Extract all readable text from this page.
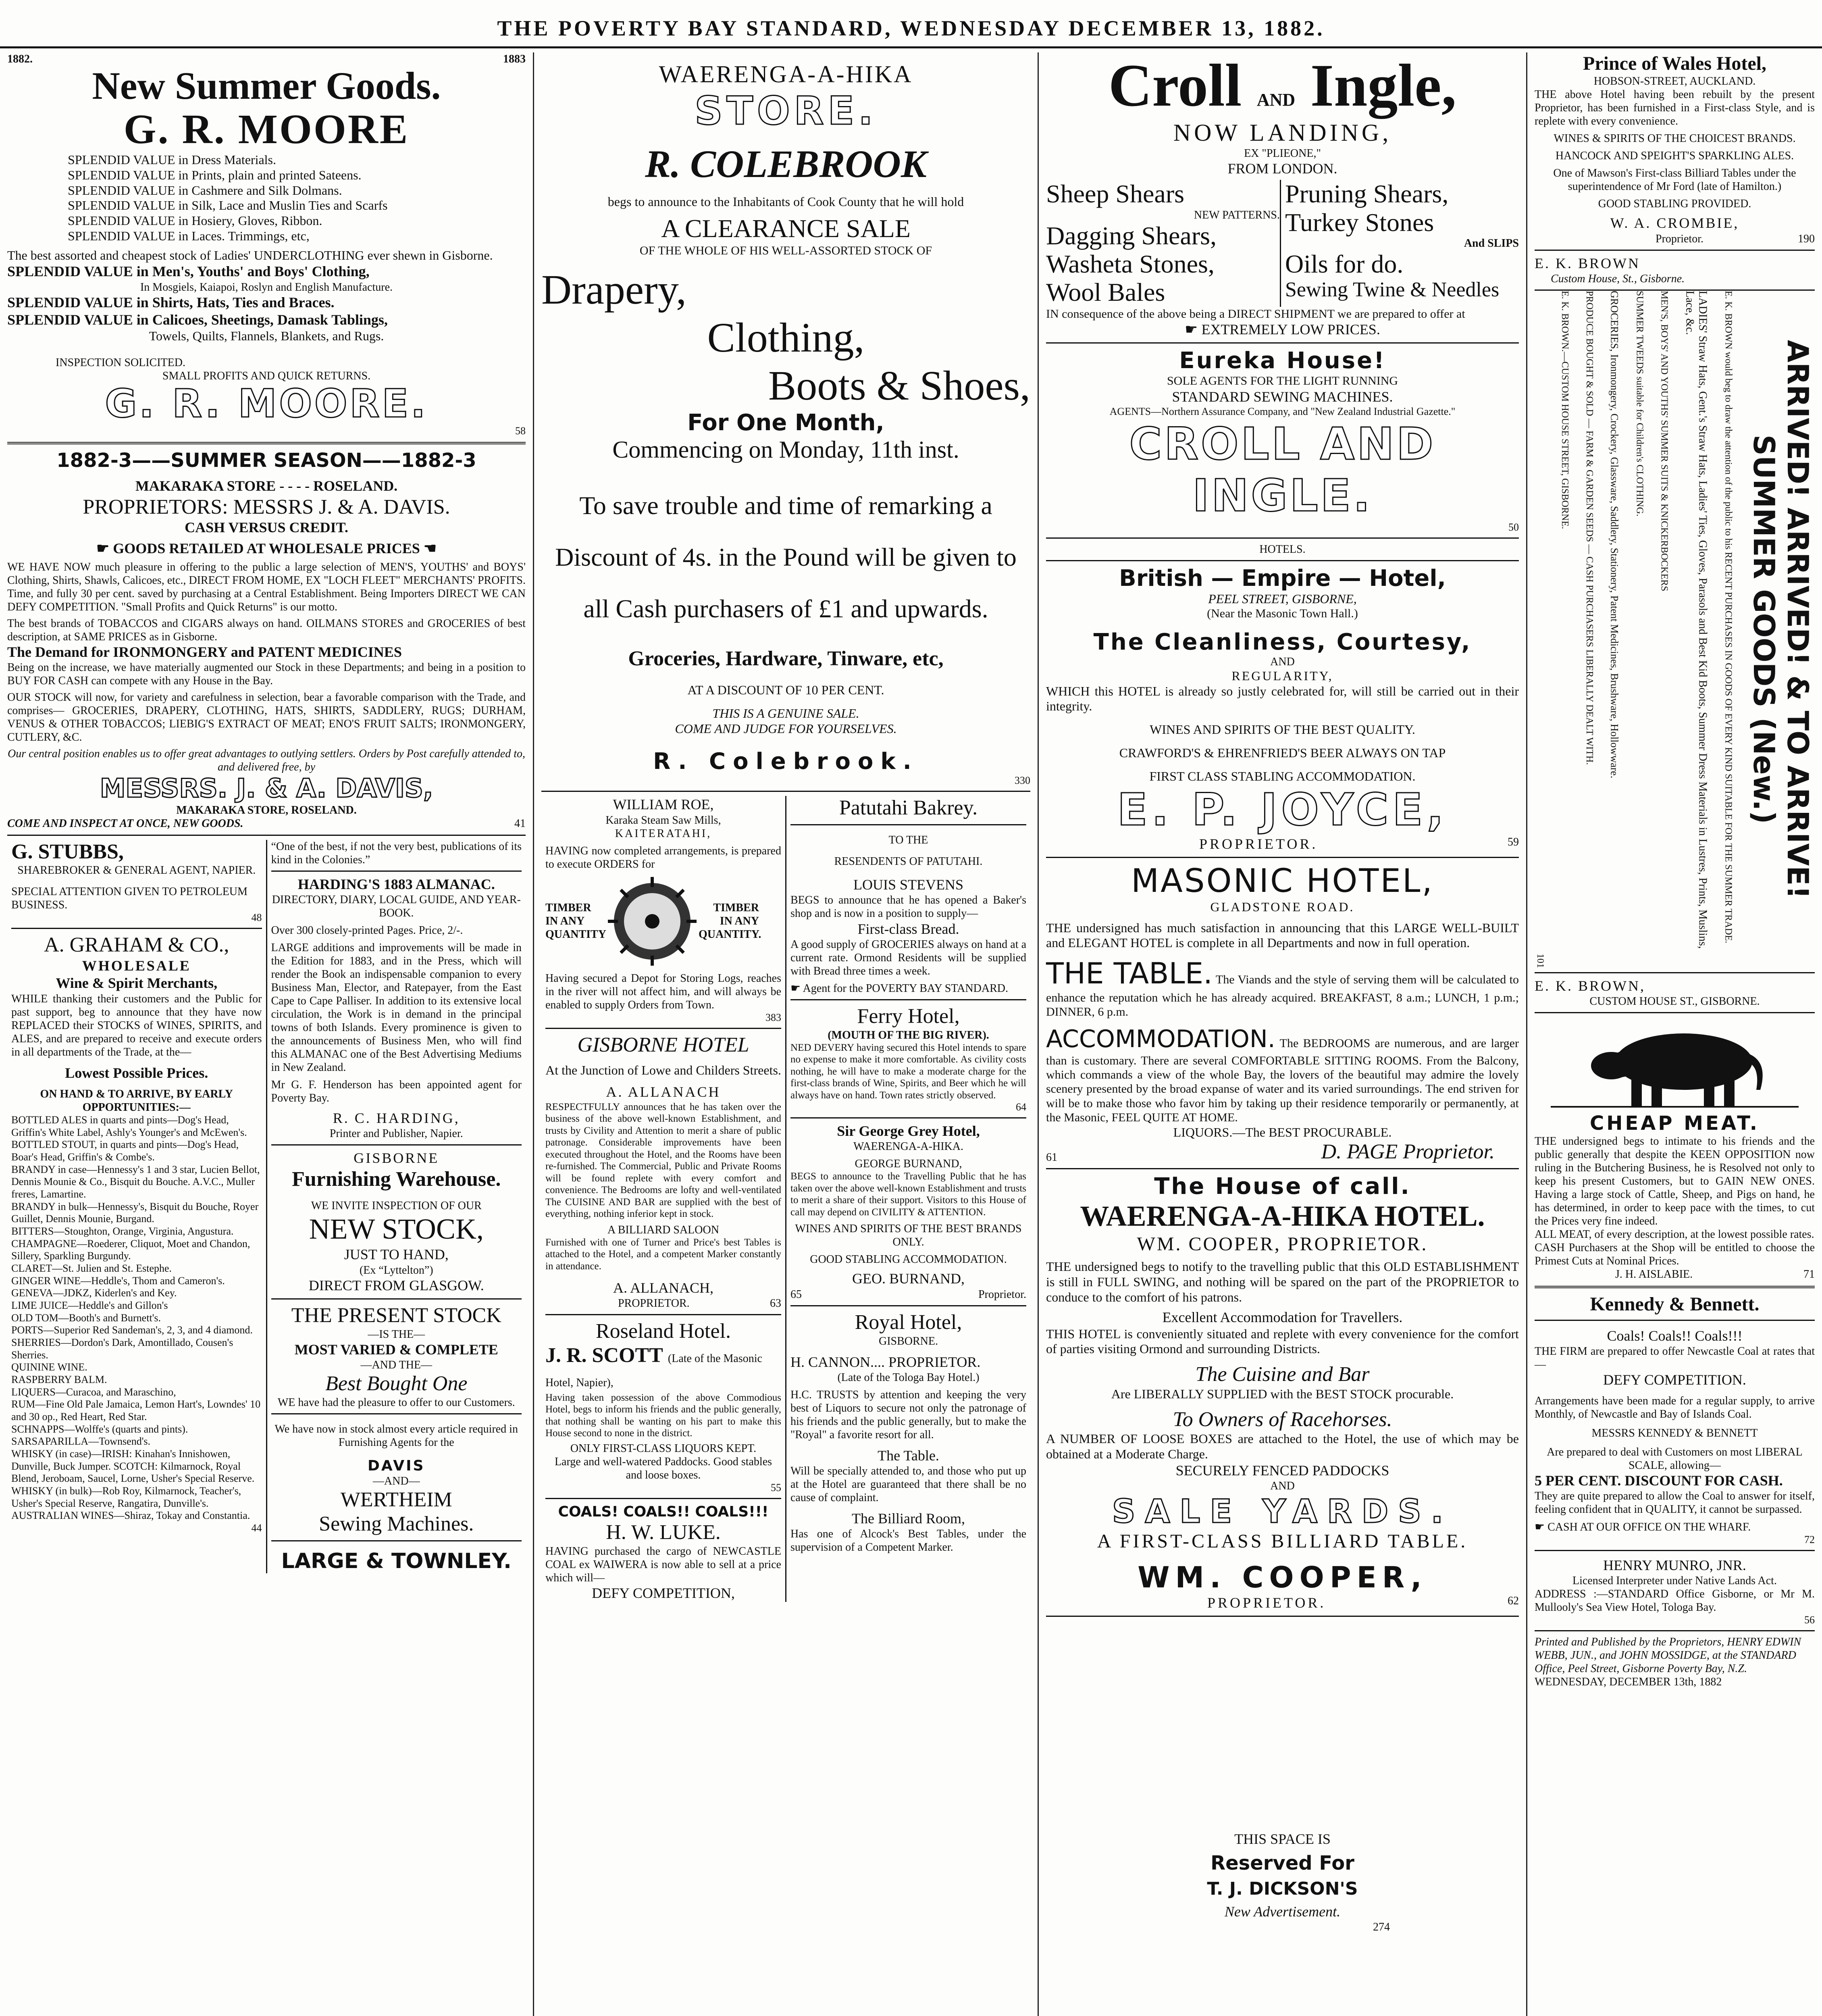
THE POVERTY BAY STANDARD, WEDNESDAY DECEMBER 13, 1882.
1882.	1883

New Summer Goods.

G. R. MOORE

SPLENDID VALUE in Dress Materials.

SPLENDID VALUE in Prints, plain and printed Sateens.

SPLENDID VALUE in Cashmere and Silk Dolmans.

SPLENDID VALUE in Silk, Lace and Muslin Ties and Scarfs

SPLENDID VALUE in Hosiery, Gloves, Ribbon.

SPLENDID VALUE in Laces. Trimmings, etc,

The best assorted and cheapest stock of Ladies' UNDERCLOTHING ever shewn in Gisborne.

SPLENDID VALUE in Men's, Youths' and Boys' Clothing,

In Mosgiels, Kaiapoi, Roslyn and English Manufacture.

SPLENDID VALUE in Shirts, Hats, Ties and Braces.

SPLENDID VALUE in Calicoes, Sheetings, Damask Tablings,

Towels, Quilts, Flannels, Blankets, and Rugs.

INSPECTION SOLICITED.

SMALL PROFITS AND QUICK RETURNS.

G. R. MOORE.

58

1882-3——SUMMER SEASON——1882-3

MAKARAKA STORE - - - - ROSELAND.

PROPRIETORS: MESSRS J. & A. DAVIS.

CASH VERSUS CREDIT.

☛ GOODS RETAILED AT WHOLESALE PRICES ☚

WE HAVE NOW much pleasure in offering to the public a large selection of MEN'S, YOUTHS' and BOYS' Clothing, Shirts, Shawls, Calicoes, etc., DIRECT FROM HOME, EX "LOCH FLEET" MERCHANTS' PROFITS. Time, and fully 30 per cent. saved by purchasing at a Central Establishment. Being Importers DIRECT WE CAN DEFY COMPETITION. "Small Profits and Quick Returns" is our motto.

The best brands of TOBACCOS and CIGARS always on hand. OILMANS STORES and GROCERIES of best description, at SAME PRICES as in Gisborne.

The Demand for IRONMONGERY and PATENT MEDICINES

Being on the increase, we have materially augmented our Stock in these Departments; and being in a position to BUY FOR CASH can compete with any House in the Bay.

OUR STOCK will now, for variety and carefulness in selection, bear a favorable comparison with the Trade, and comprises— GROCERIES, DRAPERY, CLOTHING, HATS, SHIRTS, SADDLERY, RUGS; DURHAM, VENUS & OTHER TOBACCOS; LIEBIG'S EXTRACT OF MEAT; ENO'S FRUIT SALTS; IRONMONGERY, CUTLERY, &C.

Our central position enables us to offer great advantages to outlying settlers. Orders by Post carefully attended to, and delivered free, by

MESSRS. J. & A. DAVIS,

MAKARAKA STORE, ROSELAND.

COME AND INSPECT AT ONCE, NEW GOODS.	41

G. STUBBS,

SHAREBROKER & GENERAL AGENT, NAPIER.

SPECIAL ATTENTION GIVEN TO PETROLEUM BUSINESS.

48

A. GRAHAM & CO.,

WHOLESALE

Wine & Spirit Merchants,

WHILE thanking their customers and the Public for past support, beg to announce that they have now REPLACED their STOCKS of WINES, SPIRITS, and ALES, and are prepared to receive and execute orders in all departments of the Trade, at the—

Lowest Possible Prices.

ON HAND & TO ARRIVE, BY EARLY OPPORTUNITIES:—

BOTTLED ALES in quarts and pints—Dog's Head, Griffin's White Label, Ashly's Younger's and McEwen's.

BOTTLED STOUT, in quarts and pints—Dog's Head, Boar's Head, Griffin's & Combe's.

BRANDY in case—Hennessy's 1 and 3 star, Lucien Bellot, Dennis Mounie & Co., Bisquit du Bouche. A.V.C., Muller freres, Lamartine.

BRANDY in bulk—Hennessy's, Bisquit du Bouche, Royer Guillet, Dennis Mounie, Burgand.

BITTERS—Stoughton, Orange, Virginia, Angustura.

CHAMPAGNE—Roederer, Cliquot, Moet and Chandon, Sillery, Sparkling Burgundy.

CLARET—St. Julien and St. Estephe.

GINGER WINE—Heddle's, Thom and Cameron's.

GENEVA—JDKZ, Kiderlen's and Key.

LIME JUICE—Heddle's and Gillon's

OLD TOM—Booth's and Burnett's.

PORTS—Superior Red Sandeman's, 2, 3, and 4 diamond.

SHERRIES—Dordon's Dark, Amontillado, Cousen's Sherries.

QUININE WINE.

RASPBERRY BALM.

LIQUERS—Curacoa, and Maraschino,

RUM—Fine Old Pale Jamaica, Lemon Hart's, Lowndes' 10 and 30 op., Red Heart, Red Star.

SCHNAPPS—Wolffe's (quarts and pints).

SARSAPARILLA—Townsend's.

WHISKY (in case)—IRISH: Kinahan's Innishowen, Dunville, Buck Jumper. SCOTCH: Kilmarnock, Royal Blend, Jeroboam, Saucel, Lorne, Usher's Special Reserve.

WHISKY (in bulk)—Rob Roy, Kilmarnock, Teacher's, Usher's Special Reserve, Rangatira, Dunville's.

AUSTRALIAN WINES—Shiraz, Tokay and Constantia.

44

“One of the best, if not the very best, publications of its kind in the Colonies.”

HARDING'S 1883 ALMANAC.

DIRECTORY, DIARY, LOCAL GUIDE, AND YEAR-BOOK.

Over 300 closely-printed Pages. Price, 2/-.

LARGE additions and improvements will be made in the Edition for 1883, and in the Press, which will render the Book an indispensable companion to every Business Man, Elector, and Ratepayer, from the East Cape to Cape Palliser. In addition to its extensive local circulation, the Work is in demand in the principal towns of both Islands. Every prominence is given to the announcements of Business Men, who will find this ALMANAC one of the Best Advertising Mediums in New Zealand.

Mr G. F. Henderson has been appointed agent for Poverty Bay.

R. C. HARDING,

Printer and Publisher, Napier.

GISBORNE

Furnishing Warehouse.

WE INVITE INSPECTION OF OUR

NEW STOCK,

JUST TO HAND,

(Ex “Lyttelton”)

DIRECT FROM GLASGOW.

THE PRESENT STOCK

—IS THE—

MOST VARIED & COMPLETE

—AND THE—

Best Bought One

WE have had the pleasure to offer to our Customers.

We have now in stock almost every article required in Furnishing Agents for the

DAVIS

—AND—

WERTHEIM

Sewing Machines.

LARGE & TOWNLEY.

WAERENGA-A-HIKA

STORE.

R. COLEBROOK

begs to announce to the Inhabitants of Cook County that he will hold

A CLEARANCE SALE

OF THE WHOLE OF HIS WELL-ASSORTED STOCK OF

Drapery,

Clothing,

Boots & Shoes,

For One Month,

Commencing on Monday, 11th inst.

To save trouble and time of remarking a Discount of 4s. in the Pound will be given to all Cash purchasers of £1 and upwards.

Groceries, Hardware, Tinware, etc,

AT A DISCOUNT OF 10 PER CENT.

THIS IS A GENUINE SALE.

COME AND JUDGE FOR YOURSELVES.

R. Colebrook.

330

WILLIAM ROE,

Karaka Steam Saw Mills,

KAITERATAHI,

HAVING now completed arrangements, is prepared to execute ORDERS for

TIMBER IN ANY QUANTITY

TIMBER IN ANY QUANTITY.

Having secured a Depot for Storing Logs, reaches in the river will not affect him, and will always be enabled to supply Orders from Town.

383

GISBORNE HOTEL

At the Junction of Lowe and Childers Streets.

A. ALLANACH

RESPECTFULLY announces that he has taken over the business of the above well-known Establishment, and trusts by Civility and Attention to merit a share of public patronage. Considerable improvements have been executed throughout the Hotel, and the Rooms have been re-furnished. The Commercial, Public and Private Rooms will be found replete with every comfort and convenience. The Bedrooms are lofty and well-ventilated The CUISINE AND BAR are supplied with the best of everything, nothing inferior kept in stock.

A BILLIARD SALOON

Furnished with one of Turner and Price's best Tables is attached to the Hotel, and a competent Marker constantly in attendance.

A. ALLANACH,

PROPRIETOR.	63

Roseland Hotel.

J. R. SCOTT (Late of the Masonic Hotel, Napier),

Having taken possession of the above Commodious Hotel, begs to inform his friends and the public generally, that nothing shall be wanting on his part to make this House second to none in the district.

ONLY FIRST-CLASS LIQUORS KEPT.

Large and well-watered Paddocks. Good stables and loose boxes.

55

COALS! COALS!! COALS!!!

H. W. LUKE.

HAVING purchased the cargo of NEWCASTLE COAL ex WAIWERA is now able to sell at a price which will—

DEFY COMPETITION,

Patutahi Bakrey.

TO THE

RESENDENTS OF PATUTAHI.

LOUIS STEVENS

BEGS to announce that he has opened a Baker's shop and is now in a position to supply—

First-class Bread.

A good supply of GROCERIES always on hand at a current rate. Ormond Residents will be supplied with Bread three times a week.

☛ Agent for the POVERTY BAY STANDARD.

Ferry Hotel,

(MOUTH OF THE BIG RIVER).

NED DEVERY having secured this Hotel intends to spare no expense to make it more comfortable. As civility costs nothing, he will have to make a moderate charge for the first-class brands of Wine, Spirits, and Beer which he will always have on hand. Town rates strictly observed.

64

Sir George Grey Hotel,

WAERENGA-A-HIKA.

GEORGE BURNAND,

BEGS to announce to the Travelling Public that he has taken over the above well-known Establishment and trusts to merit a share of their support. Visitors to this House of call may depend on CIVILITY & ATTENTION.

WINES AND SPIRITS OF THE BEST BRANDS ONLY.

GOOD STABLING ACCOMMODATION.

GEO. BURNAND,

65	Proprietor.

Royal Hotel,

GISBORNE.

H. CANNON.... PROPRIETOR.

(Late of the Tologa Bay Hotel.)

H.C. TRUSTS by attention and keeping the very best of Liquors to secure not only the patronage of his friends and the public generally, but to make the "Royal" a favorite resort for all.

The Table.

Will be specially attended to, and those who put up at the Hotel are guaranteed that there shall be no cause of complaint.

The Billiard Room,

Has one of Alcock's Best Tables, under the supervision of a Competent Marker.

Croll AND Ingle,

NOW LANDING,

EX "PLIEONE,"

FROM LONDON.

Sheep Shears

NEW PATTERNS.

Dagging Shears,

Washeta Stones,

Wool Bales

Pruning Shears,

Turkey Stones

And SLIPS

Oils for do.

Sewing Twine & Needles

IN consequence of the above being a DIRECT SHIPMENT we are prepared to offer at

☛ EXTREMELY LOW PRICES.

Eureka House!

SOLE AGENTS FOR THE LIGHT RUNNING

STANDARD SEWING MACHINES.

AGENTS—Northern Assurance Company, and "New Zealand Industrial Gazette."

CROLL AND INGLE.

50

HOTELS.

British — Empire — Hotel,

PEEL STREET, GISBORNE,

(Near the Masonic Town Hall.)

The Cleanliness, Courtesy,

AND

REGULARITY,

WHICH this HOTEL is already so justly celebrated for, will still be carried out in their integrity.

WINES AND SPIRITS OF THE BEST QUALITY.

CRAWFORD'S & EHRENFRIED'S BEER ALWAYS ON TAP

FIRST CLASS STABLING ACCOMMODATION.

E. P. JOYCE,

PROPRIETOR.	59

MASONIC HOTEL,

GLADSTONE ROAD.

THE undersigned has much satisfaction in announcing that this LARGE WELL-BUILT and ELEGANT HOTEL is complete in all Departments and now in full operation.

THE TABLE. The Viands and the style of serving them will be calculated to enhance the reputation which he has already acquired. BREAKFAST, 8 a.m.; LUNCH, 1 p.m.; DINNER, 6 p.m.

ACCOMMODATION. The BEDROOMS are numerous, and are larger than is customary. There are several COMFORTABLE SITTING ROOMS. From the Balcony, which commands a view of the whole Bay, the lovers of the beautiful may admire the lovely scenery presented by the broad expanse of water and its varied surroundings. The end striven for will be to make those who favor him by taking up their residence temporarily or permanently, at the Masonic, FEEL QUITE AT HOME.

LIQUORS.—The BEST PROCURABLE.

61	D. PAGE Proprietor.

The House of call.

WAERENGA-A-HIKA HOTEL.

WM. COOPER, PROPRIETOR.

THE undersigned begs to notify to the travelling public that this OLD ESTABLISHMENT is still in FULL SWING, and nothing will be spared on the part of the PROPRIETOR to conduce to the comfort of his patrons.

Excellent Accommodation for Travellers.

THIS HOTEL is conveniently situated and replete with every convenience for the comfort of parties visiting Ormond and surrounding Districts.

The Cuisine and Bar

Are LIBERALLY SUPPLIED with the BEST STOCK procurable.

To Owners of Racehorses.

A NUMBER OF LOOSE BOXES are attached to the Hotel, the use of which may be obtained at a Moderate Charge.

SECURELY FENCED PADDOCKS

AND

SALE YARDS.

A FIRST-CLASS BILLIARD TABLE.

WM. COOPER,

PROPRIETOR.	62

THIS SPACE IS

Reserved For

T. J. DICKSON'S

New Advertisement.

274

Prince of Wales Hotel,

HOBSON-STREET, AUCKLAND.

THE above Hotel having been rebuilt by the present Proprietor, has been furnished in a First-class Style, and is replete with every convenience.

WINES & SPIRITS OF THE CHOICEST BRANDS.

HANCOCK AND SPEIGHT'S SPARKLING ALES.

One of Mawson's First-class Billiard Tables under the superintendence of Mr Ford (late of Hamilton.)

GOOD STABLING PROVIDED.

W. A. CROMBIE,

Proprietor.	190

E. K. BROWN

Custom House, St., Gisborne.

ARRIVED! ARRIVED! & TO ARRIVE!   SUMMER GOODS (New.)
E. K. BROWN would beg to draw the attention of the public to his RECENT PURCHASES IN GOODS OF EVERY KIND SUITABLE FOR THE SUMMER TRADE.
LADIES' Straw Hats, Gent.'s Straw Hats, Ladies' Ties, Gloves, Parasols and Best Kid Boots, Summer Dress Materials in Lustres, Prints, Muslins, Lace, &c.
MEN'S, BOYS' AND YOUTHS' SUMMER SUITS & KNICKERBOCKERS
SUMMER TWEEDS suitable for Children's CLOTHING.
GROCERIES, Ironmongery, Crockery, Glassware, Saddlery, Stationery, Patent Medicines, Brushware, Hollowware.
PRODUCE BOUGHT & SOLD — FARM & GARDEN SEEDS — CASH PURCHASERS LIBERALLY DEALT WITH.
E. K. BROWN.—CUSTOM HOUSE STREET, GISBORNE.
101

E. K. BROWN,

CUSTOM HOUSE ST., GISBORNE.

CHEAP MEAT.

THE undersigned begs to intimate to his friends and the public generally that despite the KEEN OPPOSITION now ruling in the Butchering Business, he is Resolved not only to keep his present Customers, but to GAIN NEW ONES. Having a large stock of Cattle, Sheep, and Pigs on hand, he has determined, in order to keep pace with the times, to cut the Prices very fine indeed.

ALL MEAT, of every description, at the lowest possible rates.

CASH Purchasers at the Shop will be entitled to choose the Primest Cuts at Nominal Prices.

J. H. AISLABIE.	71

Kennedy & Bennett.

Coals! Coals!! Coals!!!

THE FIRM are prepared to offer Newcastle Coal at rates that—

DEFY COMPETITION.

Arrangements have been made for a regular supply, to arrive Monthly, of Newcastle and Bay of Islands Coal.

MESSRS KENNEDY & BENNETT

Are prepared to deal with Customers on most LIBERAL SCALE, allowing—

5 PER CENT. DISCOUNT FOR CASH.

They are quite prepared to allow the Coal to answer for itself, feeling confident that in QUALITY, it cannot be surpassed.

☛ CASH AT OUR OFFICE ON THE WHARF.

72

HENRY MUNRO, JNR.

Licensed Interpreter under Native Lands Act.

ADDRESS :—STANDARD Office Gisborne, or Mr M. Mullooly's Sea View Hotel, Tologa Bay.

56

Printed and Published by the Proprietors, HENRY EDWIN WEBB, JUN., and JOHN MOSSIDGE, at the STANDARD Office, Peel Street, Gisborne Poverty Bay, N.Z.

WEDNESDAY, DECEMBER 13th, 1882
